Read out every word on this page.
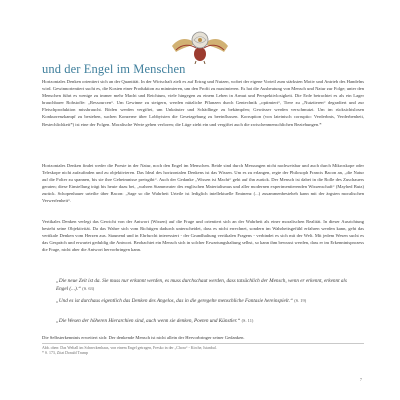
und der Engel im Menschen

Horizontales Denken orientiert sich an der Quantität. In der Wirtschaft zielt es auf Ertrag und Nutzen, wobei der eigene Vorteil zum stärksten Motiv und Antrieb des Handelns wird. Gewinnorientiert sucht es, die Kosten einer Produktion zu minimieren, um den Profit zu maximieren. Es hat die Ausbeutung von Mensch und Natur zur Folge; unter den Menschen führt es wenige zu immer mehr Macht und Reichtum, viele hingegen zu einem Leben in Armut und Perspektivlosigkeit. Die Erde betrachtet es als ein Lager brauchbarer Rohstoffe: „Ressourcen“. Um Gewinne zu steigern, werden nützliche Pflanzen durch Gentechnik „optimiert“, Tiere zu „Nutztieren“ degradiert und zur Fleischproduktion missbraucht. Böden werden vergiftet, um Unkräuter und Schädlinge zu bekämpfen; Gewässer werden verschmutzt. Um im rücksichtslosen Konkurrenzkampf zu bestehen, suchen Konzerne über Lobbyisten die Gesetzgebung zu beeinflussen. Korruption (von lateinisch corruptio: Verderbnis, Verderbenheit, Bestechlichkeit*) ist eine der Folgen. Moralische Werte gehen verloren; die Lüge zieht ein und vergiftet auch die zwischenmenschlichen Beziehungen.*

Horizontales Denken findet weder die Poesie in der Natur, noch den Engel im Menschen. Beide sind durch Messungen nicht nachweisbar und auch durch Mikroskope oder Teleskope nicht aufzufinden und zu objektivieren. Das Ideal des horizontalen Denkens ist das Wissen. Um es zu erlangen, regte der Philosoph Francis Bacon an, „die Natur auf die Folter zu spannen, bis sie ihre Geheimnisse preisgibt“. Auch der Gedanke „Wissen ist Macht“ geht auf ihn zurück. Der Mensch ist dabei in die Rolle des Zuschauers geraten; diese Einstellung trägt bis heute dazu bei, „wahren Stammvater des englischen Materialismus und aller modernen experimentierenden Wissenschaft“ (Mayhed Butz) zurück. Schopenhauer urteilte über Bacon: „Sage so die Wahrheit Urteile ist lediglich intellektuelle Eminenz (...) zusammenbesteheh kann mit der ärgsten moralischen Verwerfenheit“.

Vertikales Denken verlegt das Gewicht von der Antwort (Wissen) auf die Frage und orientiert sich an der Wahrheit als einer moralischen Realität. In dieser Ausrichtung besteht seine Objektivität. Da das Wahre sich vom Richtigen dadurch unterscheidet, dass es nicht errechnet, sondern im Wahrheitsgefühl erfahren werden kann, geht das vertikale Denken vom Herzen aus. Staunend und in Ehrfurcht interessiert - der Grundhaltung vertikalen Fragens - verbindet es sich mit der Welt. Mit jedem Wesen sucht es das Gespräch und erwartet geduldig die Antwort. Beobachtet ein Mensch sich in solcher Erwartungshaltung selbst, so kann ihm bewusst werden, dass er im Erkenntnisprozess die Frage, nicht aber die Antwort hervorbringen kann.

„Die neue Zeit ist da. Sie muss nur erkannt werden, es muss durchschaut werden, dass tatsächlich der Mensch, wenn er erkennt, erkennt als Engel (...).“ (S. 63)
„Und es ist durchaus eigentlich das Denken des Angelos, das in die geregelte menschliche Fantasie hereinspielt.“ (S. 19)
„Die Wesen der höheren Hierarchien sind, auch wenn sie denken, Poeten und Künstler.“ (S. 11)
Die Selbsterkenntnis erweitert sich: Der denkende Mensch ist nicht allein der Hervorbringer seiner Gedanken.
Abb. oben: Das Weltall im Schneckenhaus, von einem Engel getragen, Fresko in der „Chora“ - Kirche, Istanbul.
* S. 173, Zitat Donald Trump
7
